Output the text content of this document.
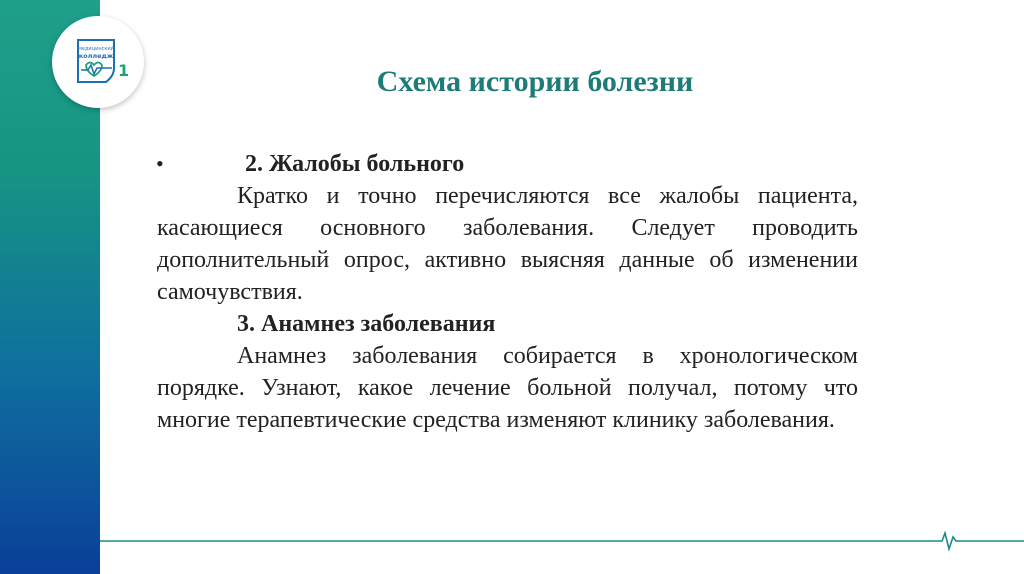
медицинский
колледж
1	Схема истории болезни
•	2. Жалобы больного

Кратко и точно перечисляются все жалобы пациента, касающиеся основного заболевания. Следует проводить дополнительный опрос, активно выясняя данные об изменении самочувствия.

3. Анамнез заболевания

Анамнез заболевания собирается в хронологическом порядке. Узнают, какое лечение больной получал, потому что многие терапевтические средства изменяют клинику заболевания.
